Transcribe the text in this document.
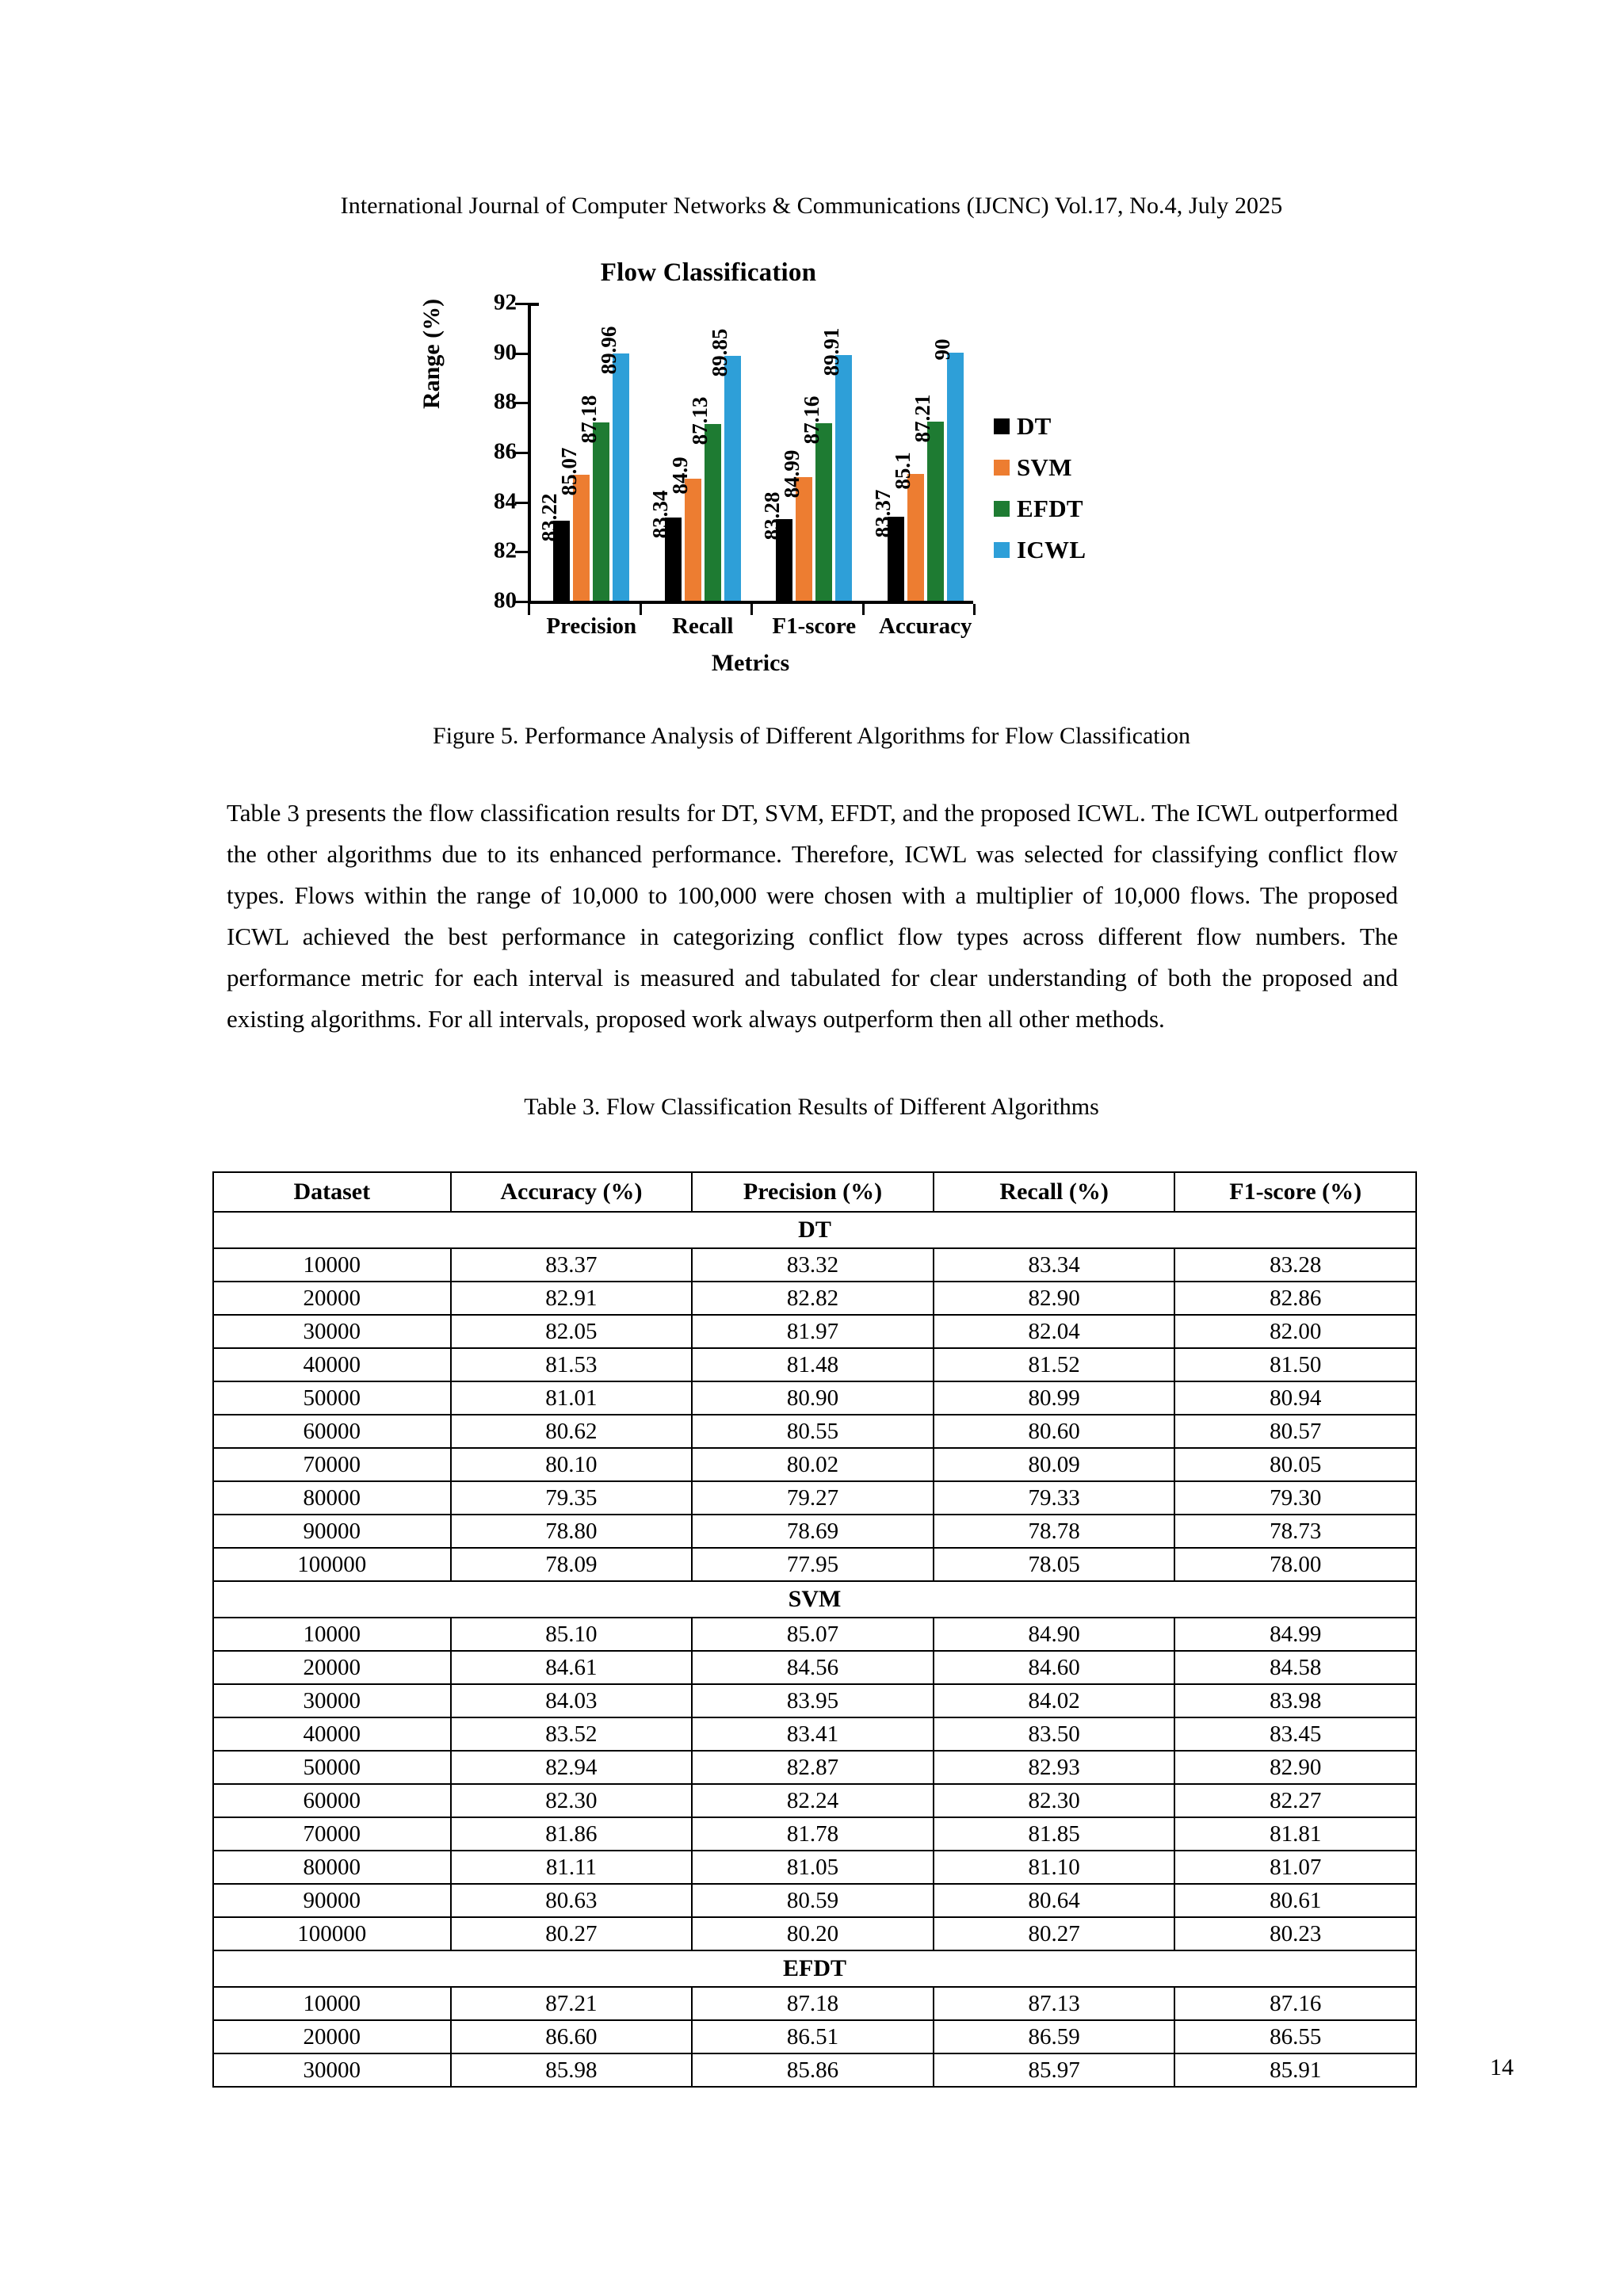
International Journal of Computer Networks & Communications (IJCNC) Vol.17, No.4, July 2025
Flow Classification
Range (%)
80
82
84
86
88
90
92
83.22
85.07
87.18
89.96
Precision
83.34
84.9
87.13
89.85
Recall
83.28
84.99
87.16
89.91
F1-score
83.37
85.1
87.21
90
Accuracy
Metrics
DT
SVM
EFDT
ICWL
Figure 5. Performance Analysis of Different Algorithms for Flow Classification
Table 3 presents the flow classification results for DT, SVM, EFDT, and the proposed ICWL. The ICWL outperformed the other algorithms due to its enhanced performance. Therefore, ICWL was selected for classifying conflict flow types. Flows within the range of 10,000 to 100,000 were chosen with a multiplier of 10,000 flows. The proposed ICWL achieved the best performance in categorizing conflict flow types across different flow numbers. The performance metric for each interval is measured and tabulated for clear understanding of both the proposed and existing algorithms. For all intervals, proposed work always outperform then all other methods.
Table 3. Flow Classification Results of Different Algorithms
Dataset	Accuracy (%)	Precision (%)	Recall (%)	F1-score (%)
DT				
10000	83.37	83.32	83.34	83.28
20000	82.91	82.82	82.90	82.86
30000	82.05	81.97	82.04	82.00
40000	81.53	81.48	81.52	81.50
50000	81.01	80.90	80.99	80.94
60000	80.62	80.55	80.60	80.57
70000	80.10	80.02	80.09	80.05
80000	79.35	79.27	79.33	79.30
90000	78.80	78.69	78.78	78.73
100000	78.09	77.95	78.05	78.00
SVM				
10000	85.10	85.07	84.90	84.99
20000	84.61	84.56	84.60	84.58
30000	84.03	83.95	84.02	83.98
40000	83.52	83.41	83.50	83.45
50000	82.94	82.87	82.93	82.90
60000	82.30	82.24	82.30	82.27
70000	81.86	81.78	81.85	81.81
80000	81.11	81.05	81.10	81.07
90000	80.63	80.59	80.64	80.61
100000	80.27	80.20	80.27	80.23
EFDT				
10000	87.21	87.18	87.13	87.16
20000	86.60	86.51	86.59	86.55
30000	85.98	85.86	85.97	85.91	14
